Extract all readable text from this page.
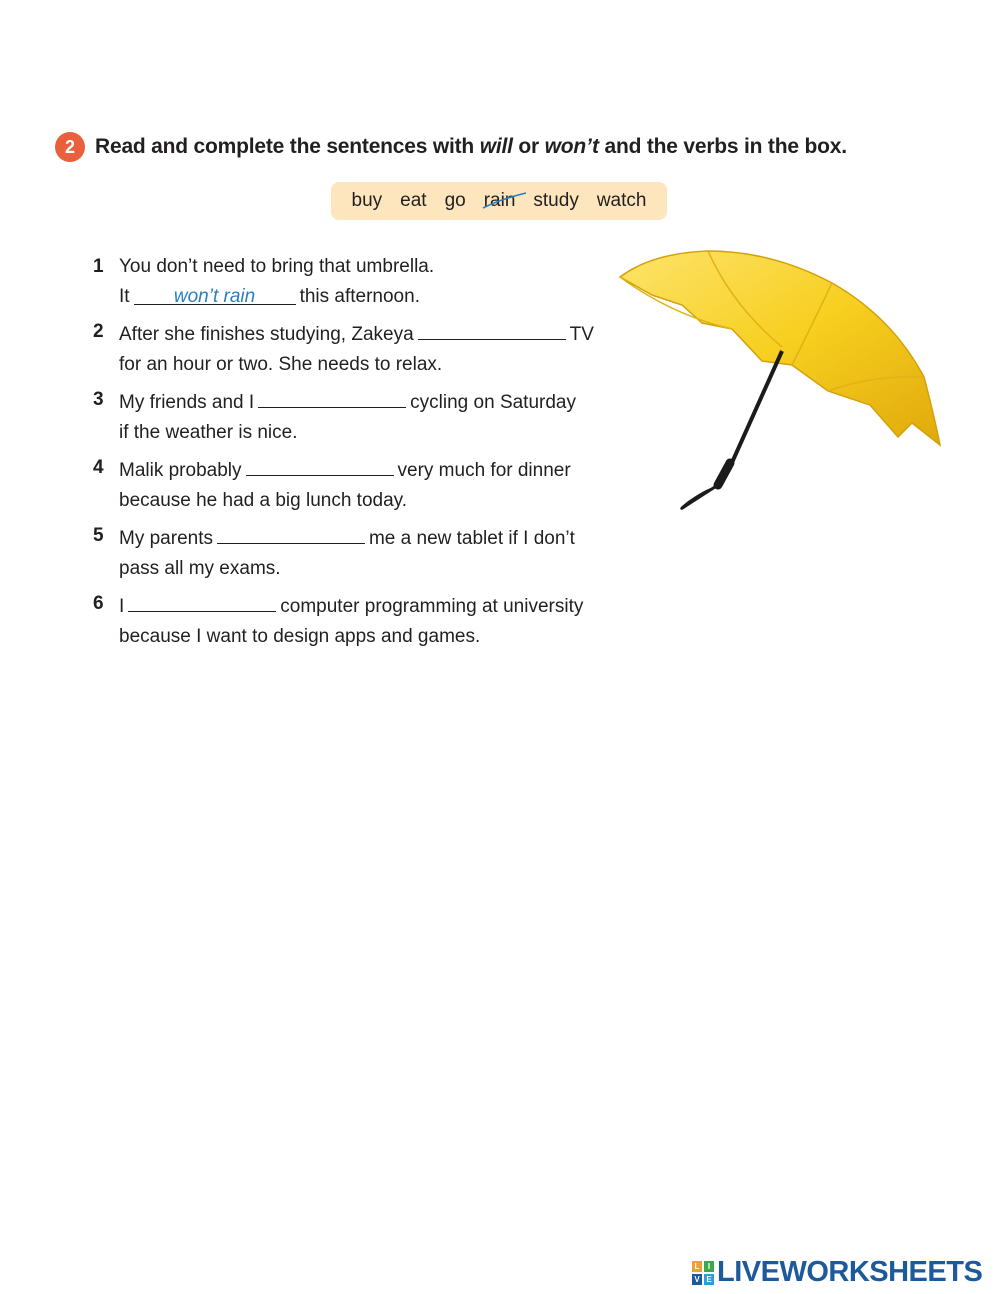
2 Read and complete the sentences with will or won’t and the verbs in the box.
buy eat go rain study watch
1 You don’t need to bring that umbrella.
It won’t rain this afternoon.
2 After she finishes studying, Zakeya	TV
for an hour or two. She needs to relax.
3 My friends and I	cycling on Saturday
if the weather is nice.
4 Malik probably	very much for dinner
because he had a big lunch today.
5 My parents	me a new tablet if I don’t
pass all my exams.
6 I	computer programming at university
because I want to design apps and games.
L	I
V E LIVEWORKSHEETS
